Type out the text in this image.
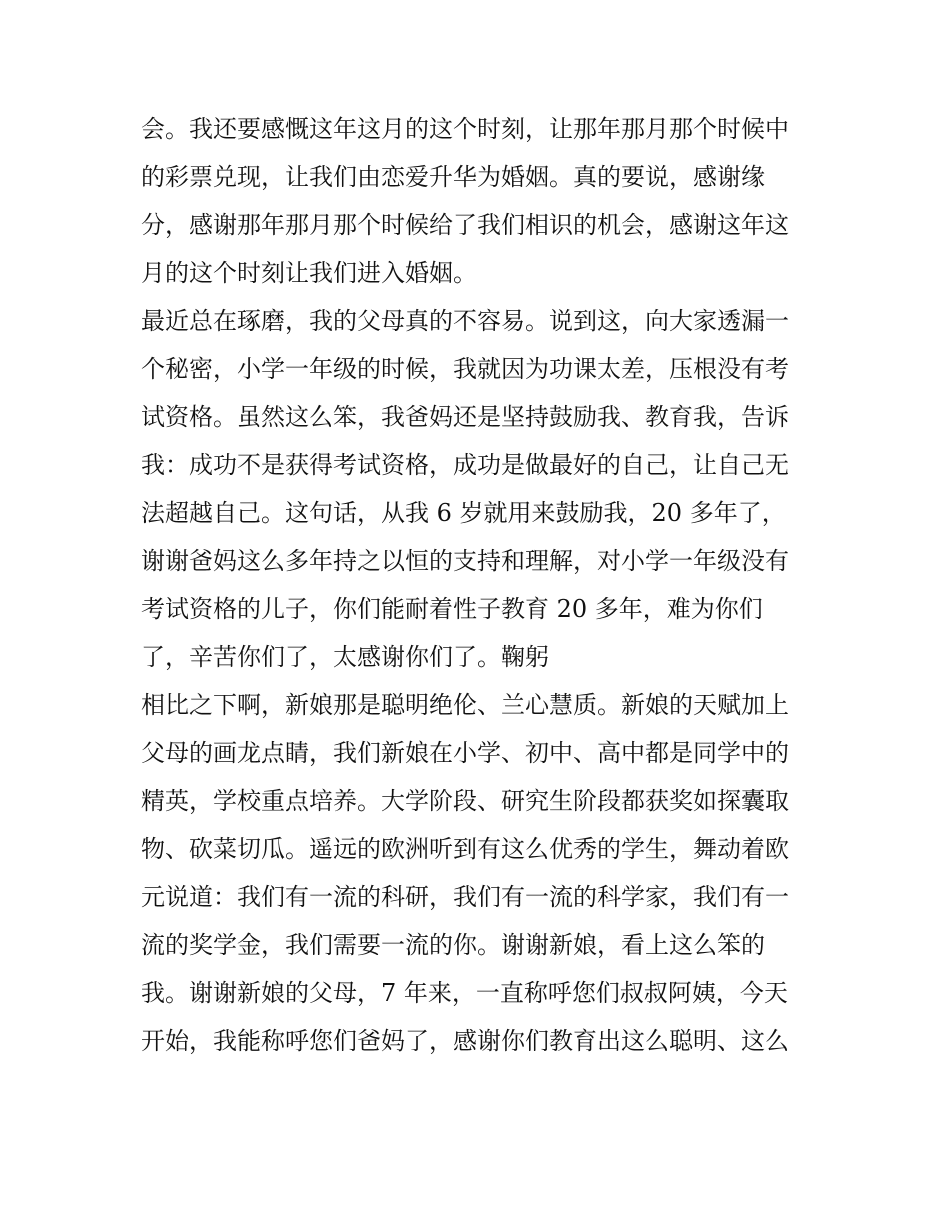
会。我还要感慨这年这月的这个时刻，让那年那月那个时候中
的彩票兑现，让我们由恋爱升华为婚姻。真的要说，感谢缘
分，感谢那年那月那个时候给了我们相识的机会，感谢这年这
月的这个时刻让我们进入婚姻。
最近总在琢磨，我的父母真的不容易。说到这，向大家透漏一
个秘密，小学一年级的时候，我就因为功课太差，压根没有考
试资格。虽然这么笨，我爸妈还是坚持鼓励我、教育我，告诉
我：成功不是获得考试资格，成功是做最好的自己，让自己无
法超越自己。这句话，从我 6 岁就用来鼓励我，20 多年了，
谢谢爸妈这么多年持之以恒的支持和理解，对小学一年级没有
考试资格的儿子，你们能耐着性子教育 20 多年，难为你们
了，辛苦你们了，太感谢你们了。鞠躬
相比之下啊，新娘那是聪明绝伦、兰心慧质。新娘的天赋加上
父母的画龙点睛，我们新娘在小学、初中、高中都是同学中的
精英，学校重点培养。大学阶段、研究生阶段都获奖如探囊取
物、砍菜切瓜。遥远的欧洲听到有这么优秀的学生，舞动着欧
元说道：我们有一流的科研，我们有一流的科学家，我们有一
流的奖学金，我们需要一流的你。谢谢新娘，看上这么笨的
我。谢谢新娘的父母，7 年来，一直称呼您们叔叔阿姨，今天
开始，我能称呼您们爸妈了，感谢你们教育出这么聪明、这么
